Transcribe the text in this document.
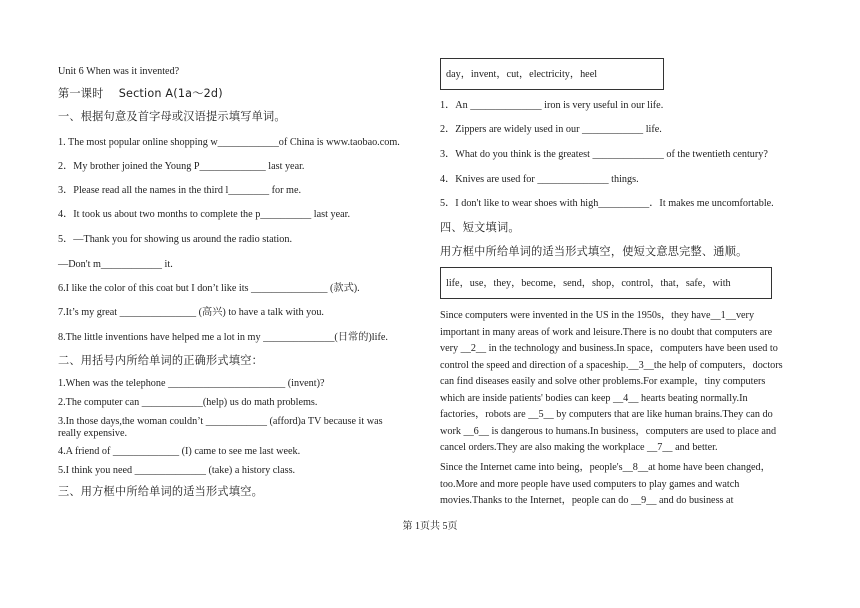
Unit 6 When was it invented?
第一课时　 Section A(1a～2d)
一、根据句意及首字母或汉语提示填写单词。
1. The most popular online shopping w____________of China is www.taobao.com.
2．My brother joined the Young P_____________ last year.
3．Please read all the names in the third l________ for me.
4．It took us about two months to complete the p__________ last year.
5．—Thank you for showing us around the radio station.
—Don't m____________ it.
6.I like the color of this coat but I don’t like its _______________ (款式).
7.It’s my great _______________ (高兴) to have a talk with you.
8.The little inventions have helped me a lot in my ______________(日常的)life.
二、用括号内所给单词的正确形式填空：
1.When was the telephone _______________________ (invent)?
2.The computer can ____________(help) us do math problems.
3.In those days,the woman couldn’t ____________ (afford)a TV because it was
really expensive.
4.A friend of _____________ (I) came to see me last week.
5.I think you need ______________ (take) a history class.
三、用方框中所给单词的适当形式填空。
day，invent，cut，electricity，heel
1．An ______________ iron is very useful in our life.
2．Zippers are widely used in our ____________ life.
3．What do you think is the greatest ______________ of the twentieth century?
4．Knives are used for ______________ things.
5．I don't like to wear shoes with high__________．It makes me uncomfortable.
四、短文填词。
用方框中所给单词的适当形式填空，使短文意思完整、通顺。
life，use，they，become，send，shop，control，that，safe，with
Since computers were invented in the US in the 1950s，they have__1__very
important in many areas of work and leisure.There is no doubt that computers are
very __2__ in the technology and business.In space，computers have been used to
control the speed and direction of a spaceship.__3__the help of computers，doctors
can find diseases easily and solve other problems.For example，tiny computers
which are inside patients' bodies can keep __4__ hearts beating normally.In
factories，robots are __5__ by computers that are like human brains.They can do
work __6__ is dangerous to humans.In business，computers are used to place and
cancel orders.They are also making the workplace __7__ and better.
Since the Internet came into being，people's__8__at home have been changed，
too.More and more people have used computers to play games and watch
movies.Thanks to the Internet，people can do __9__ and do business at
第 1页共 5页
